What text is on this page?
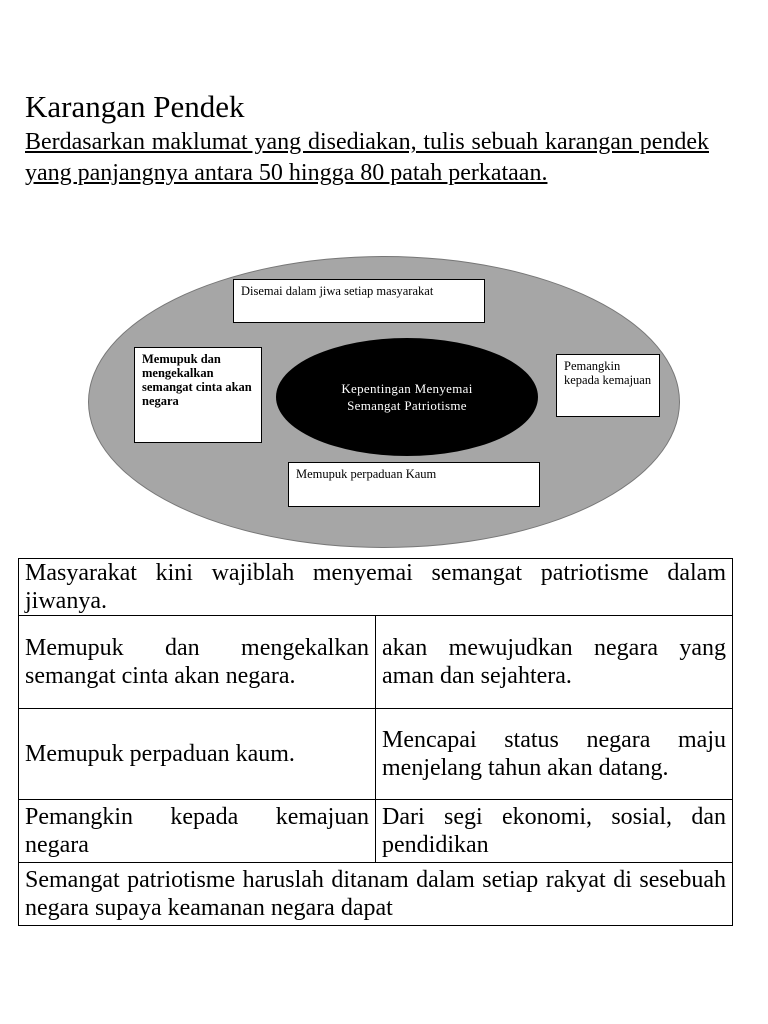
Karangan Pendek
Berdasarkan maklumat yang disediakan, tulis sebuah karangan pendek yang panjangnya antara 50 hingga 80 patah perkataan.
Kepentingan Menyemai Semangat Patriotisme
Disemai dalam jiwa setiap masyarakat
Memupuk dan mengekalkan semangat cinta akan negara
Pemangkin kepada kemajuan
Memupuk perpaduan Kaum
Masyarakat kini wajiblah menyemai semangat patriotisme dalam jiwanya.	
Memupuk dan mengekalkan semangat cinta akan negara.	akan mewujudkan negara yang aman dan sejahtera.
Memupuk perpaduan kaum.	Mencapai status negara maju menjelang tahun akan datang.
Pemangkin kepada kemajuan negara	Dari segi ekonomi, sosial, dan pendidikan
Semangat patriotisme haruslah ditanam dalam setiap rakyat di sesebuah negara supaya keamanan negara dapat	
